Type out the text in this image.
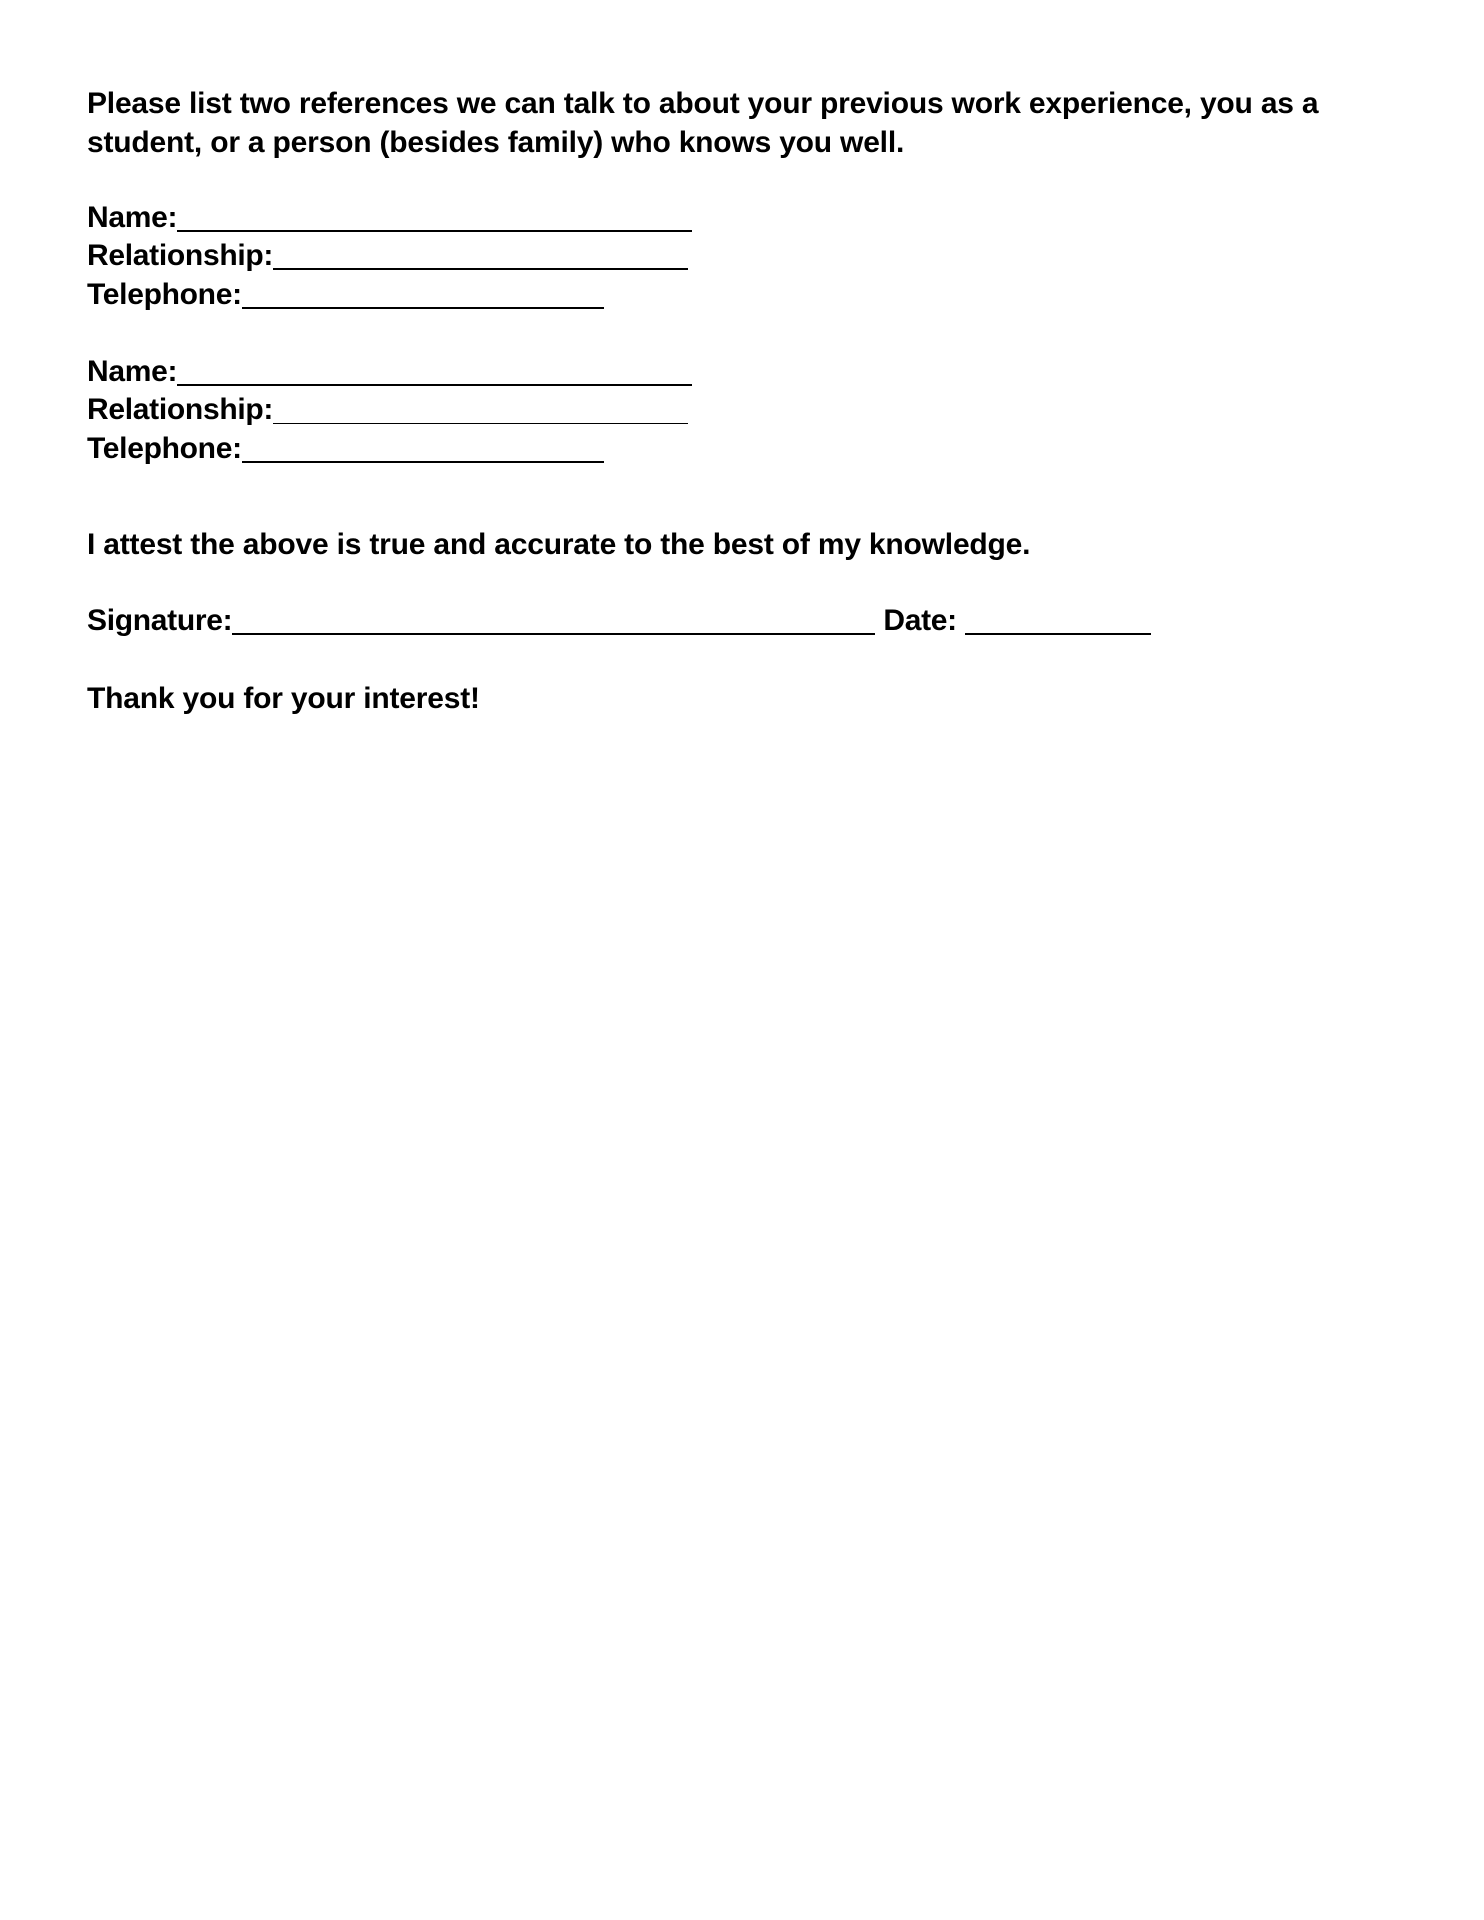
Please list two references we can talk to about your previous work experience, you as a student, or a person (besides family) who knows you well.

Name:
Relationship:
Telephone:
Name:
Relationship:
Telephone:

I attest the above is true and accurate to the best of my knowledge.

Signature:	Date:

Thank you for your interest!
